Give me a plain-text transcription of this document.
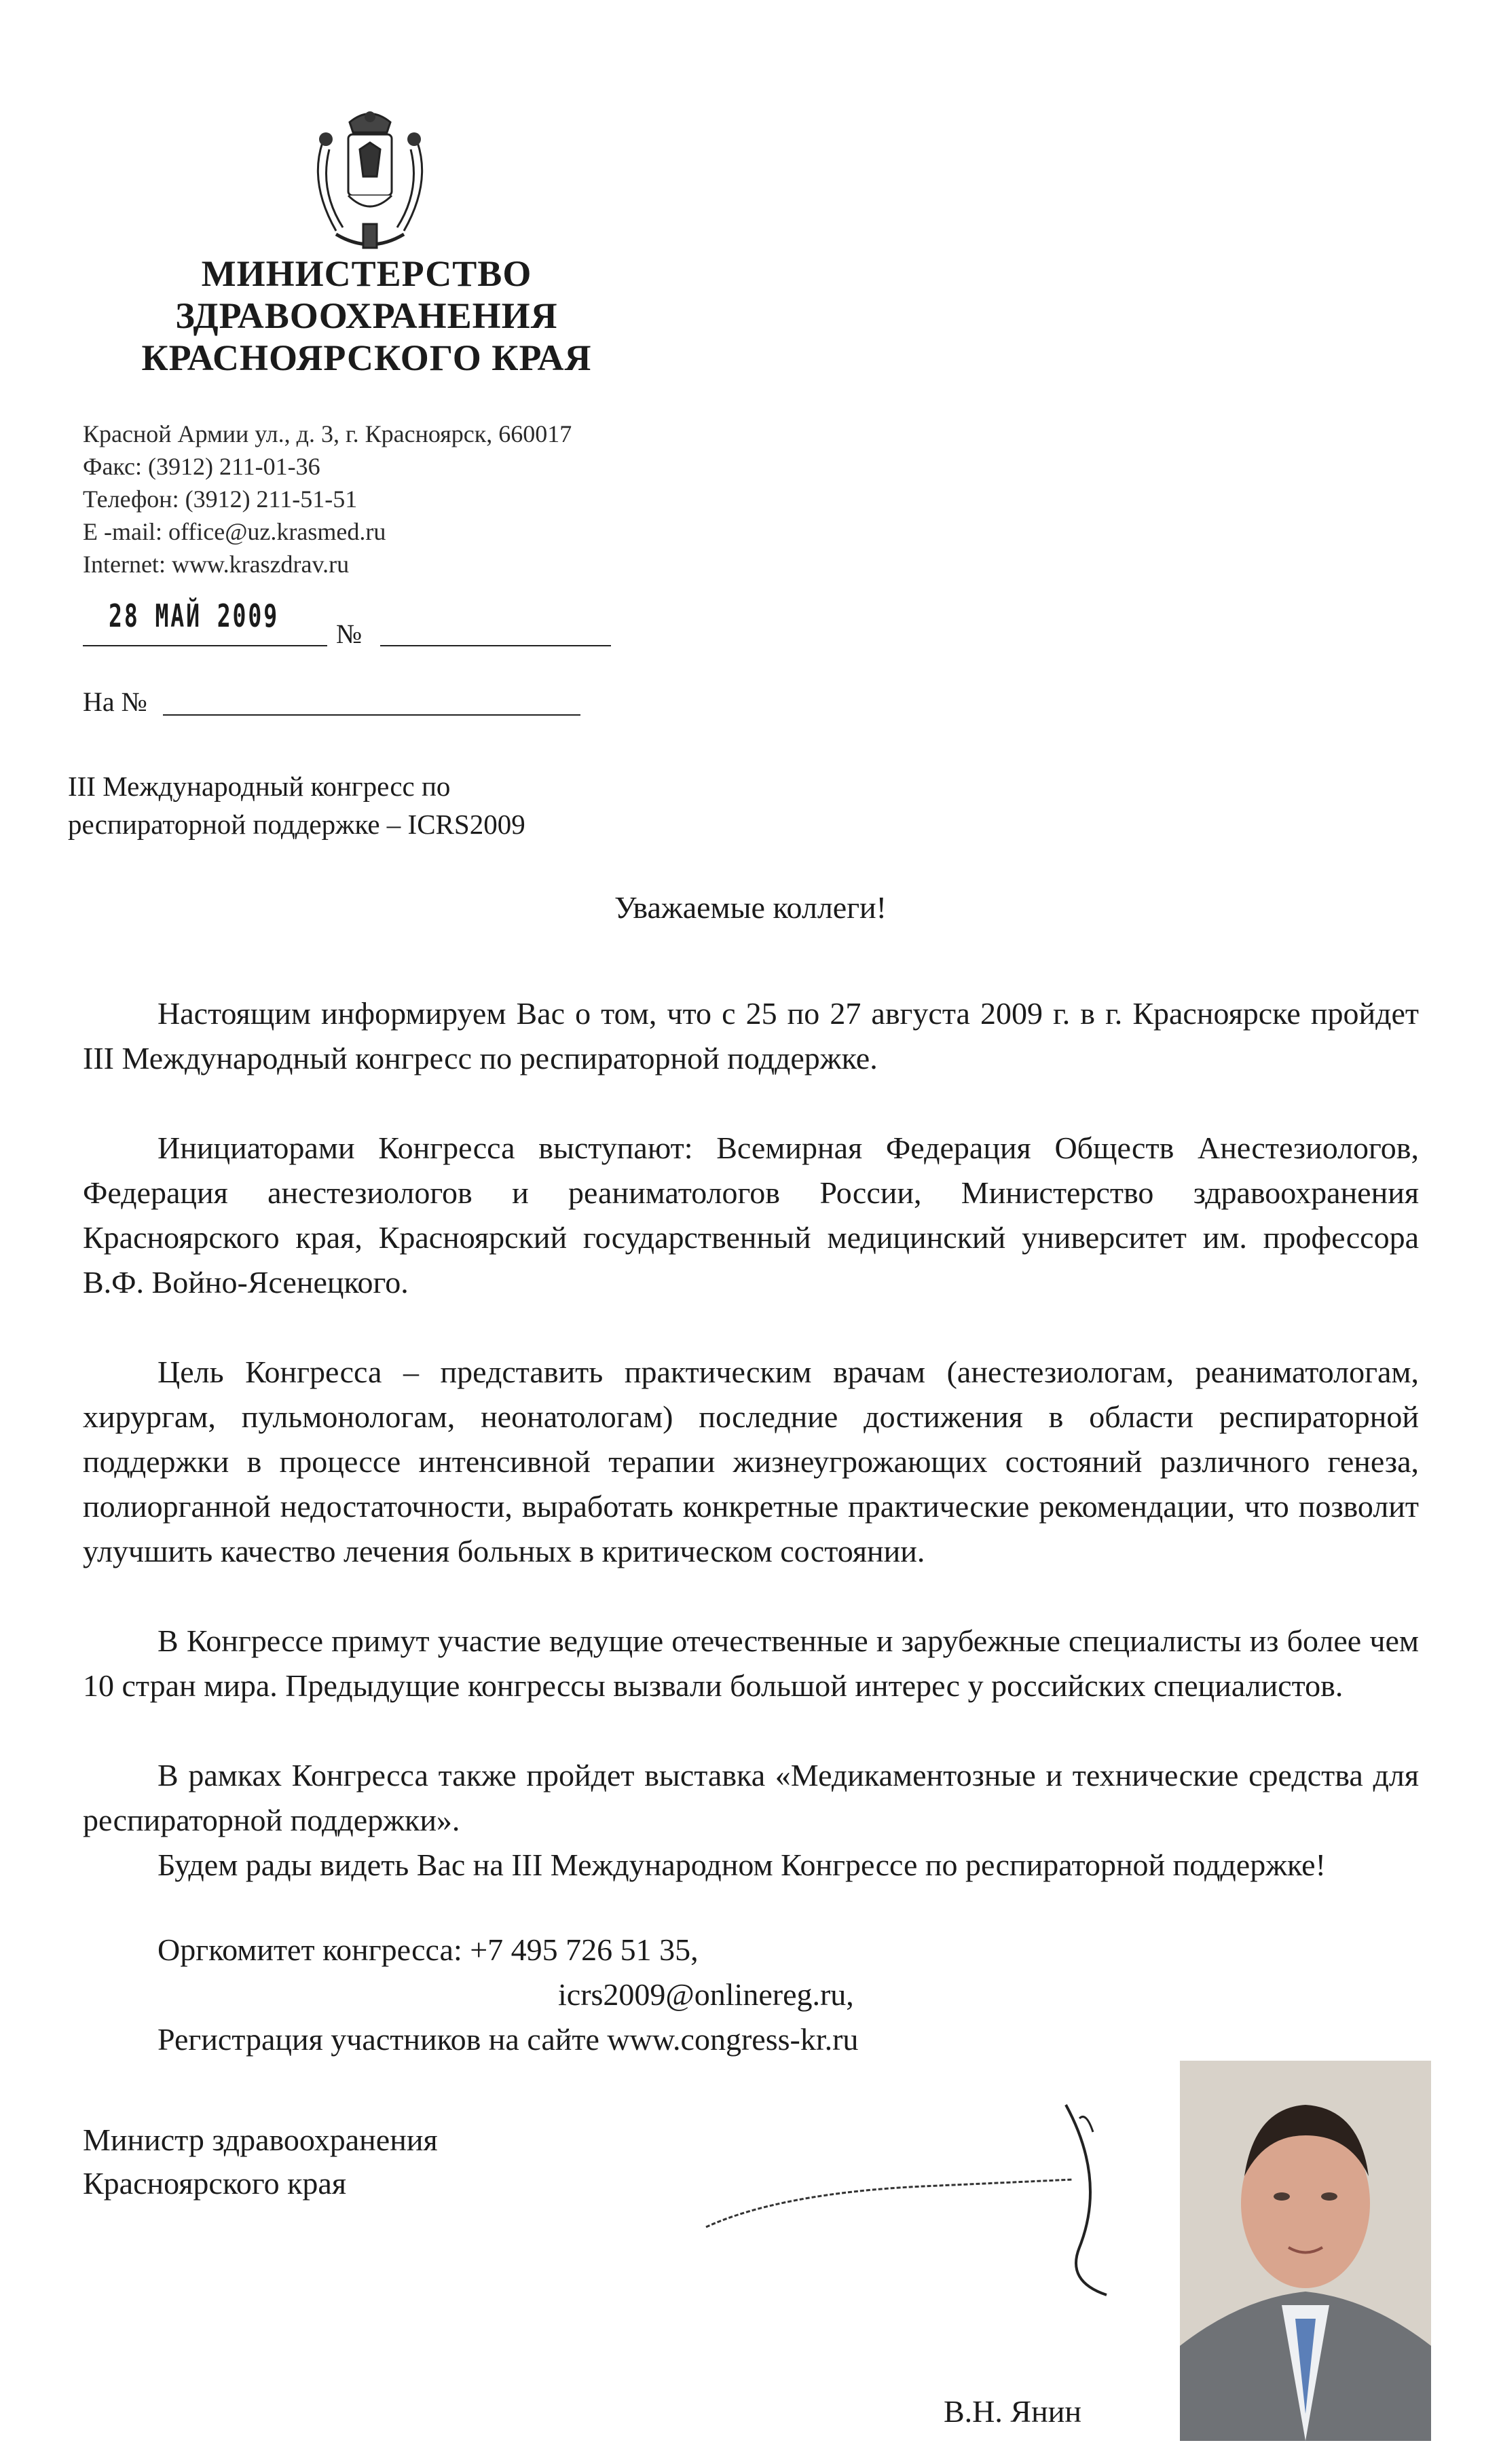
МИНИСТЕРСТВО
ЗДРАВООХРАНЕНИЯ
КРАСНОЯРСКОГО КРАЯ
Красной Армии ул., д. 3, г. Красноярск, 660017
Факс: (3912) 211-01-36
Телефон: (3912) 211-51-51
E -mail: office@uz.krasmed.ru
Internet: www.kraszdrav.ru
28 МАЙ 2009 №
На №
III Международный конгресс по
респираторной поддержке – ICRS2009
Уважаемые коллеги!

Настоящим информируем Вас о том, что с 25 по 27 августа 2009 г. в г. Красноярске пройдет III Международный конгресс по респираторной поддержке.

Инициаторами Конгресса выступают: Всемирная Федерация Обществ Анестезиологов, Федерация анестезиологов и реаниматологов России, Министерство здравоохранения Красноярского края, Красноярский государственный медицинский университет им. профессора В.Ф. Войно-Ясенецкого.

Цель Конгресса – представить практическим врачам (анестезиологам, реаниматологам, хирургам, пульмонологам, неонатологам) последние достижения в области респираторной поддержки в процессе интенсивной терапии жизнеугрожающих состояний различного генеза, полиорганной недостаточности, выработать конкретные практические рекомендации, что позволит улучшить качество лечения больных в критическом состоянии.

В Конгрессе примут участие ведущие отечественные и зарубежные специалисты из более чем 10 стран мира. Предыдущие конгрессы вызвали большой интерес у российских специалистов.

В рамках Конгресса также пройдет выставка «Медикаментозные и технические средства для респираторной поддержки».

Будем рады видеть Вас на III Международном Конгрессе по респираторной поддержке!

Оргкомитет конгресса: +7 495 726 51 35,
icrs2009@onlinereg.ru,
Регистрация участников на сайте www.congress-kr.ru
Министр здравоохранения
Красноярского края
В.Н. Янин
